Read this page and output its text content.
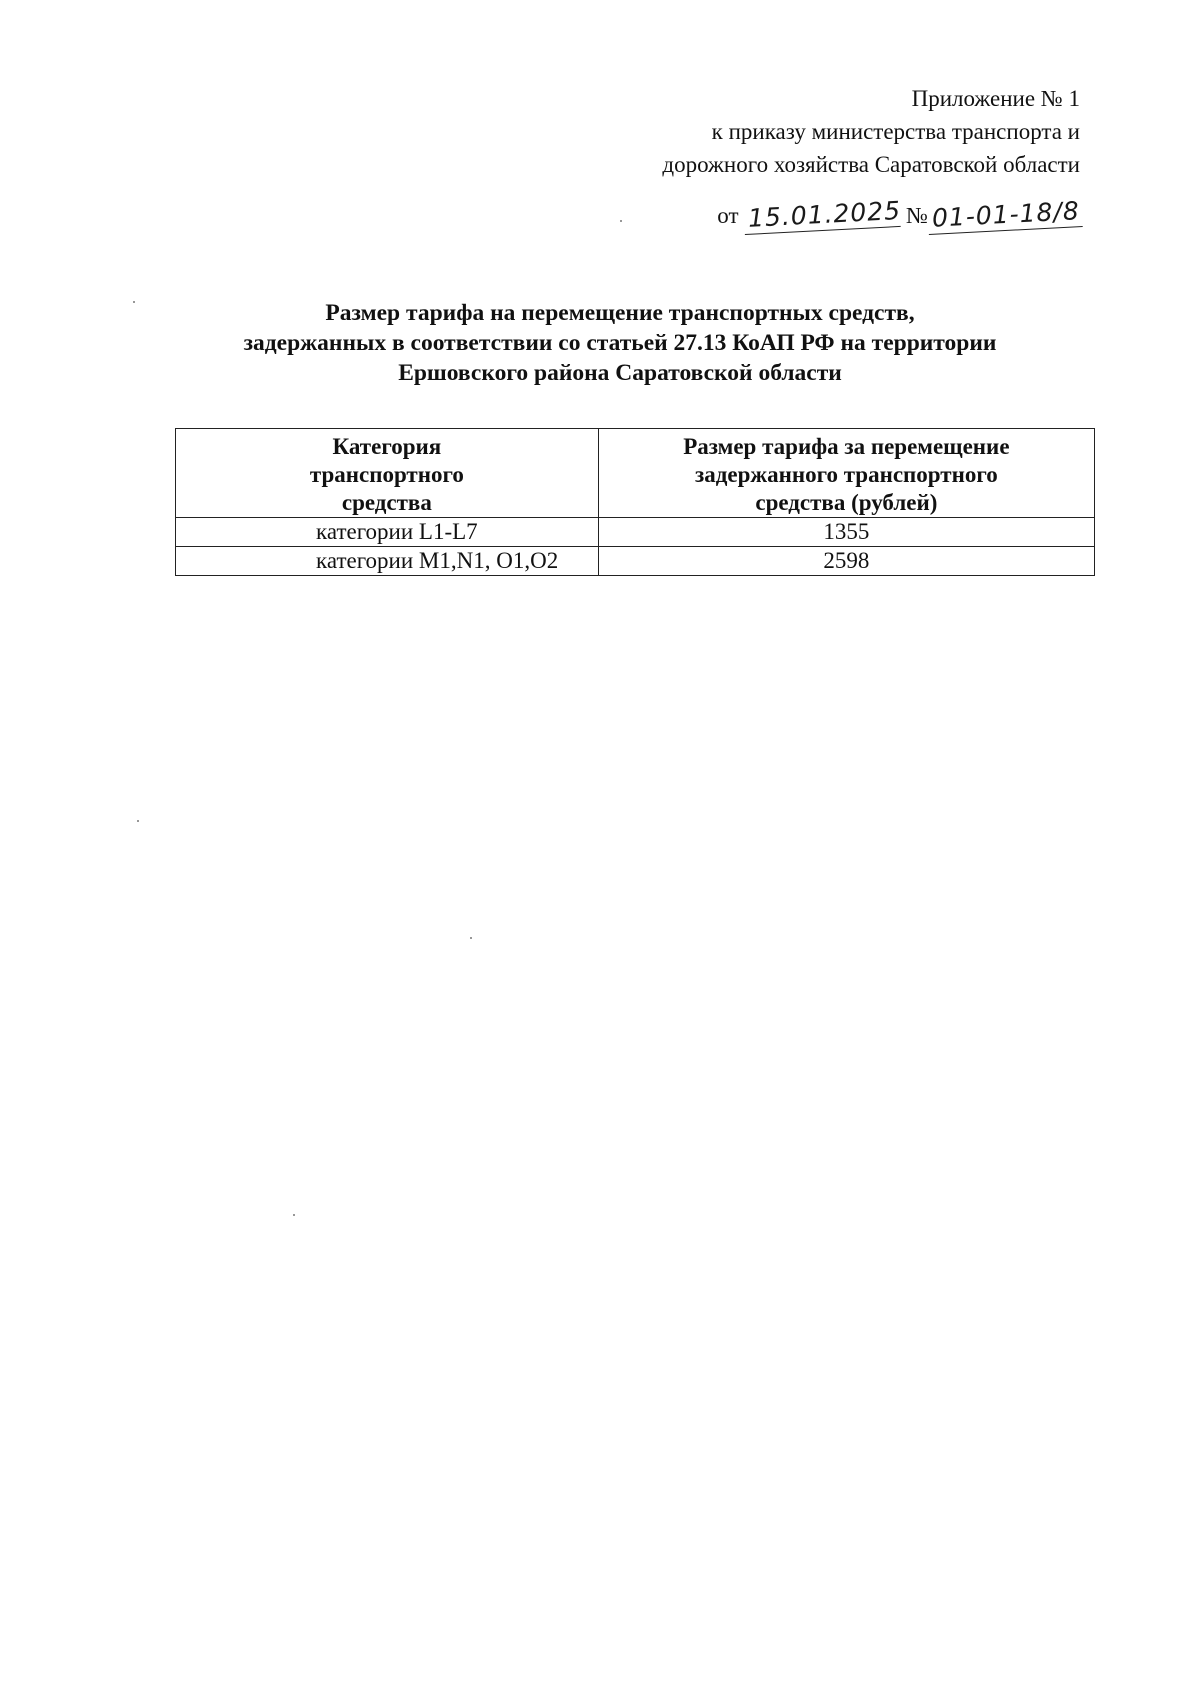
Приложение № 1
к приказу министерства транспорта и
дорожного хозяйства Саратовской области
от 15.01.2025 № 01-01-18/8
Размер тарифа на перемещение транспортных средств,
задержанных в соответствии со статьей 27.13 КоАП РФ на территории
Ершовского района Саратовской области
Категория
транспортного
средства	Размер тарифа за перемещение
задержанного транспортного
средства (рублей)

категории L1-L7	1355
категории M1,N1, O1,O2	2598
